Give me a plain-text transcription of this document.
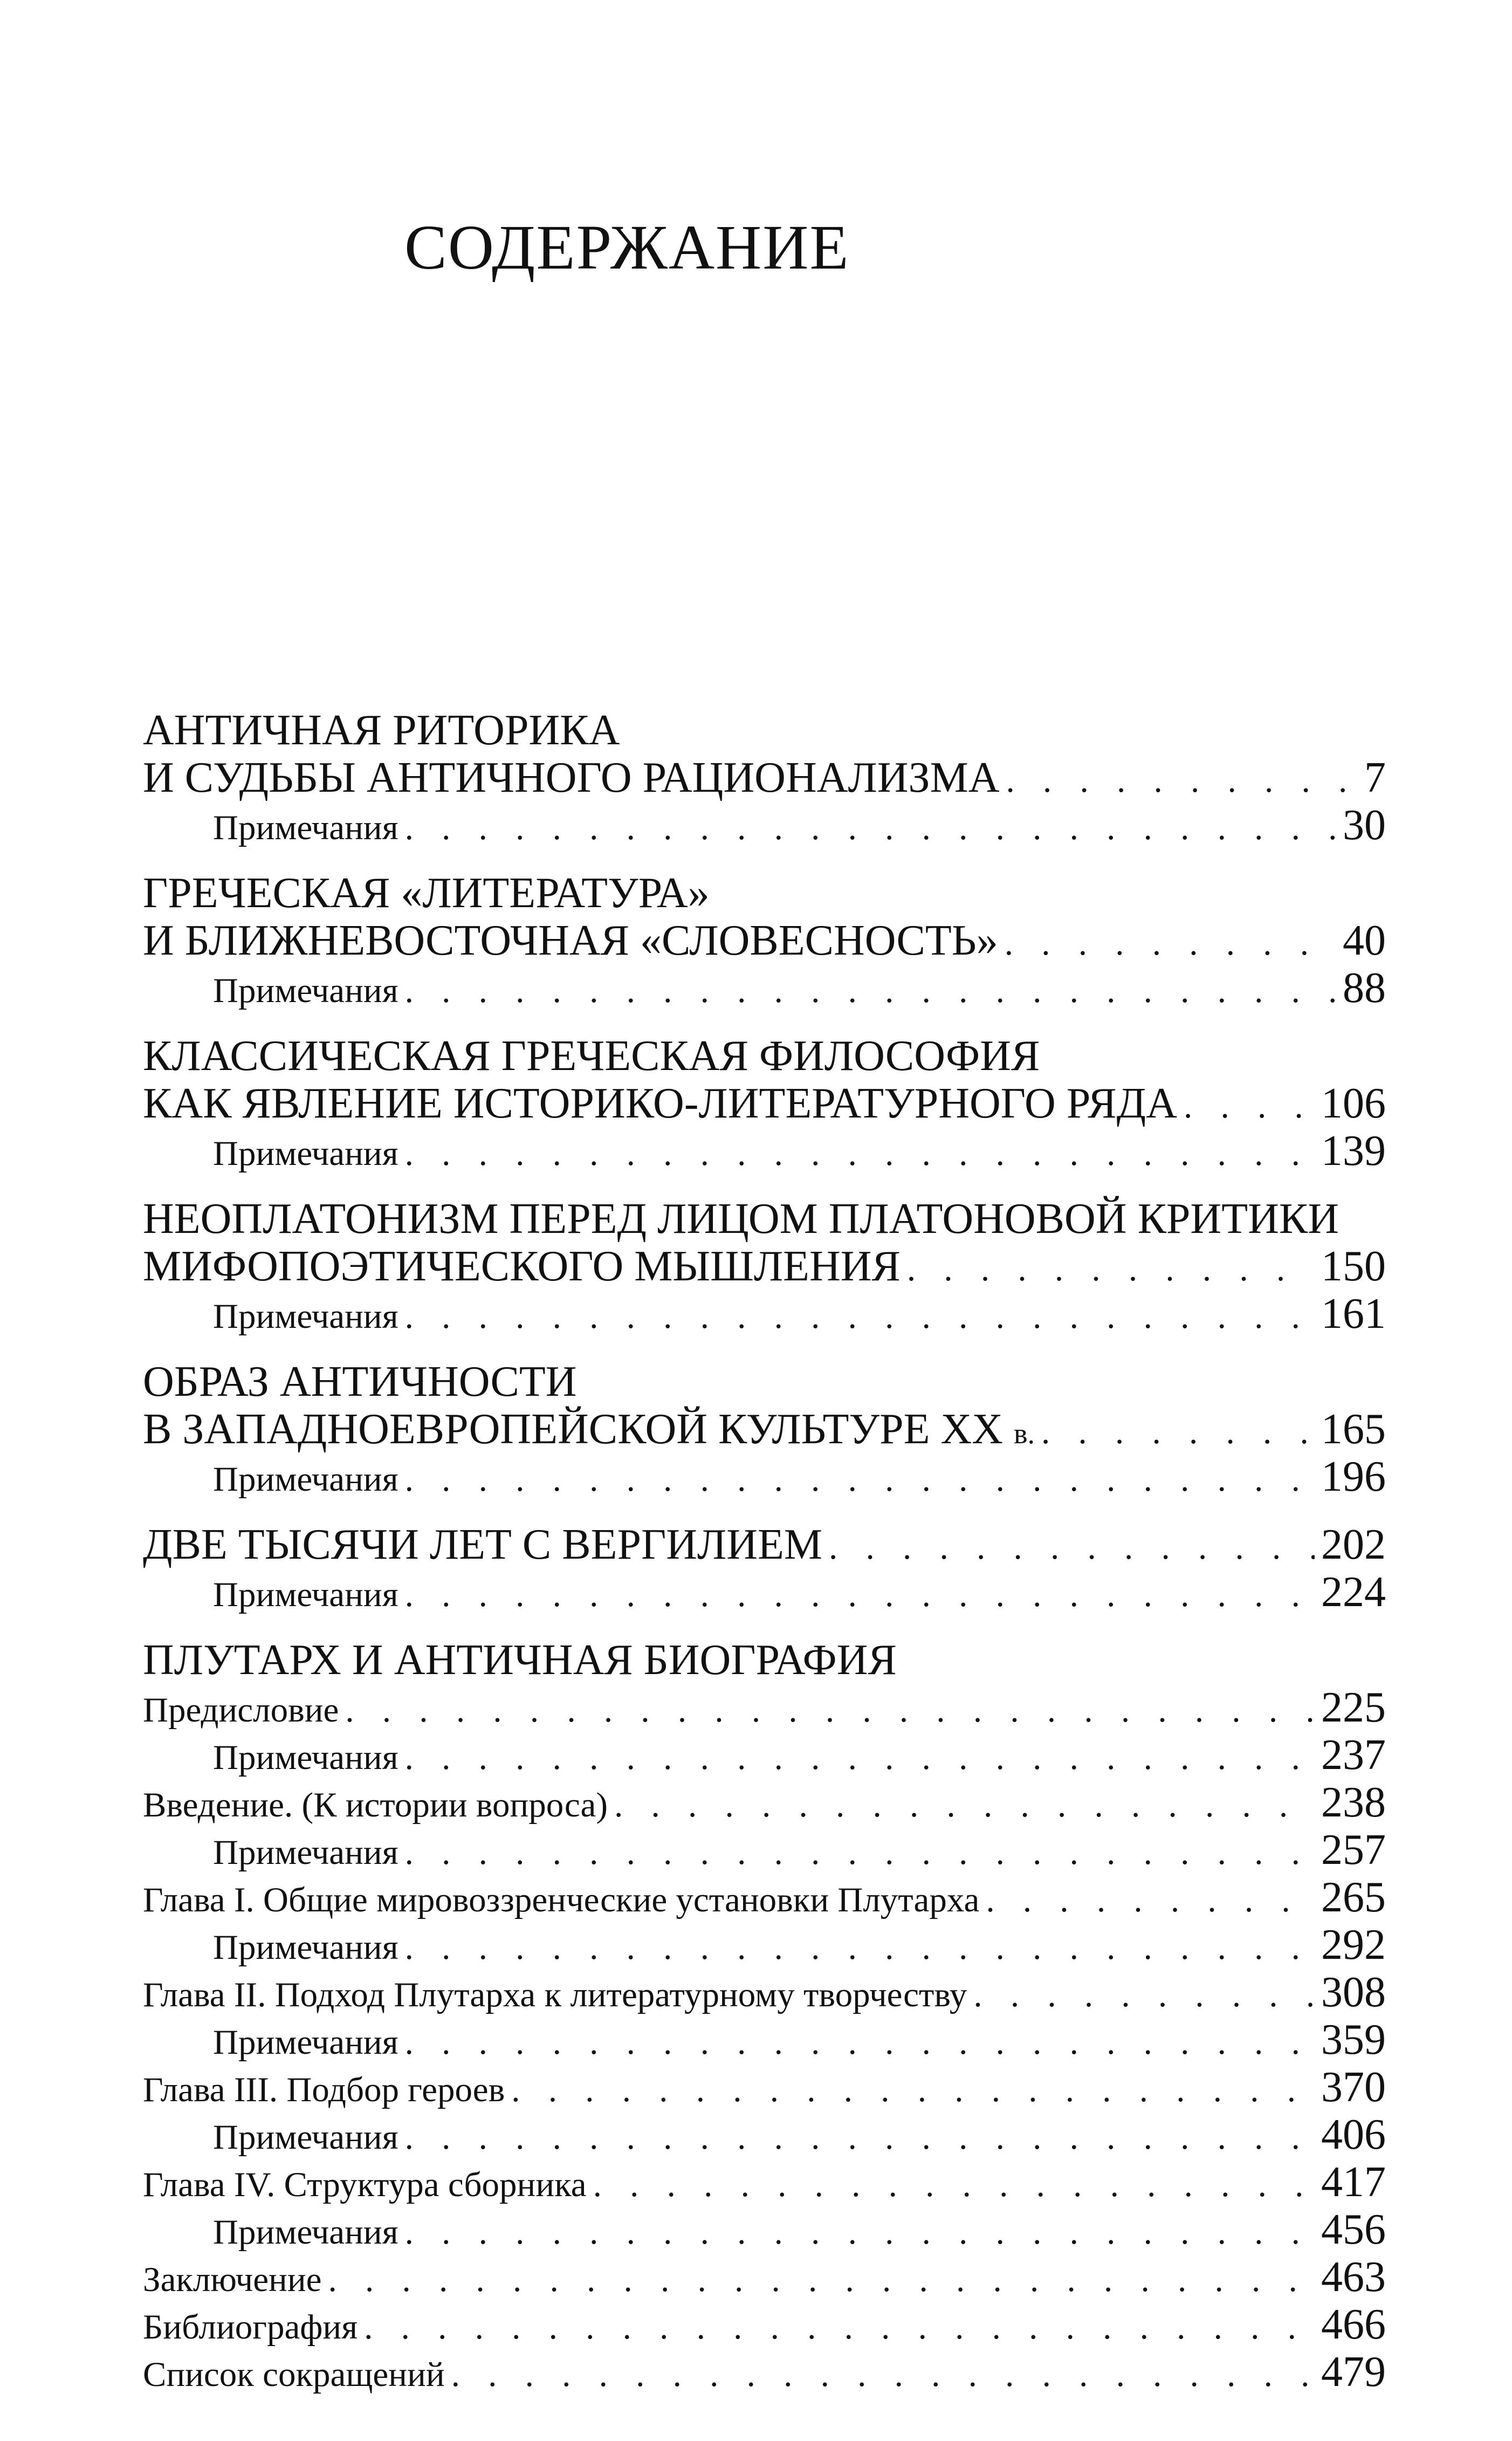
СОДЕРЖАНИЕ
АНТИЧНАЯ РИТОРИКА
И СУДЬБЫ АНТИЧНОГО РАЦИОНАЛИЗМА . . .	7
Примечания . . .	30
ГРЕЧЕСКАЯ «ЛИТЕРАТУРА»
И БЛИЖНЕВОСТОЧНАЯ «СЛОВЕСНОСТЬ» . . .	40
Примечания . . .	88
КЛАССИЧЕСКАЯ ГРЕЧЕСКАЯ ФИЛОСОФИЯ
КАК ЯВЛЕНИЕ ИСТОРИКО-ЛИТЕРАТУРНОГО РЯДА . . .	106
Примечания . . .	139
НЕОПЛАТОНИЗМ ПЕРЕД ЛИЦОМ ПЛАТОНОВОЙ КРИТИКИ
МИФОПОЭТИЧЕСКОГО МЫШЛЕНИЯ . . .	150
Примечания . . .	161
ОБРАЗ АНТИЧНОСТИ
В ЗАПАДНОЕВРОПЕЙСКОЙ КУЛЬТУРЕ XX в. . . .	165
Примечания . . .	196
ДВЕ ТЫСЯЧИ ЛЕТ С ВЕРГИЛИЕМ . . .	202
Примечания . . .	224
ПЛУТАРХ И АНТИЧНАЯ БИОГРАФИЯ
Предисловие . . .	225
Примечания . . .	237
Введение. (К истории вопроса) . . .	238
Примечания . . .	257
Глава I. Общие мировоззренческие установки Плутарха . . .	265
Примечания . . .	292
Глава II. Подход Плутарха к литературному творчеству . . .	308
Примечания . . .	359
Глава III. Подбор героев . . .	370
Примечания . . .	406
Глава IV. Структура сборника . . .	417
Примечания . . .	456
Заключение . . .	463
Библиография . . .	466
Список сокращений . . .	479
